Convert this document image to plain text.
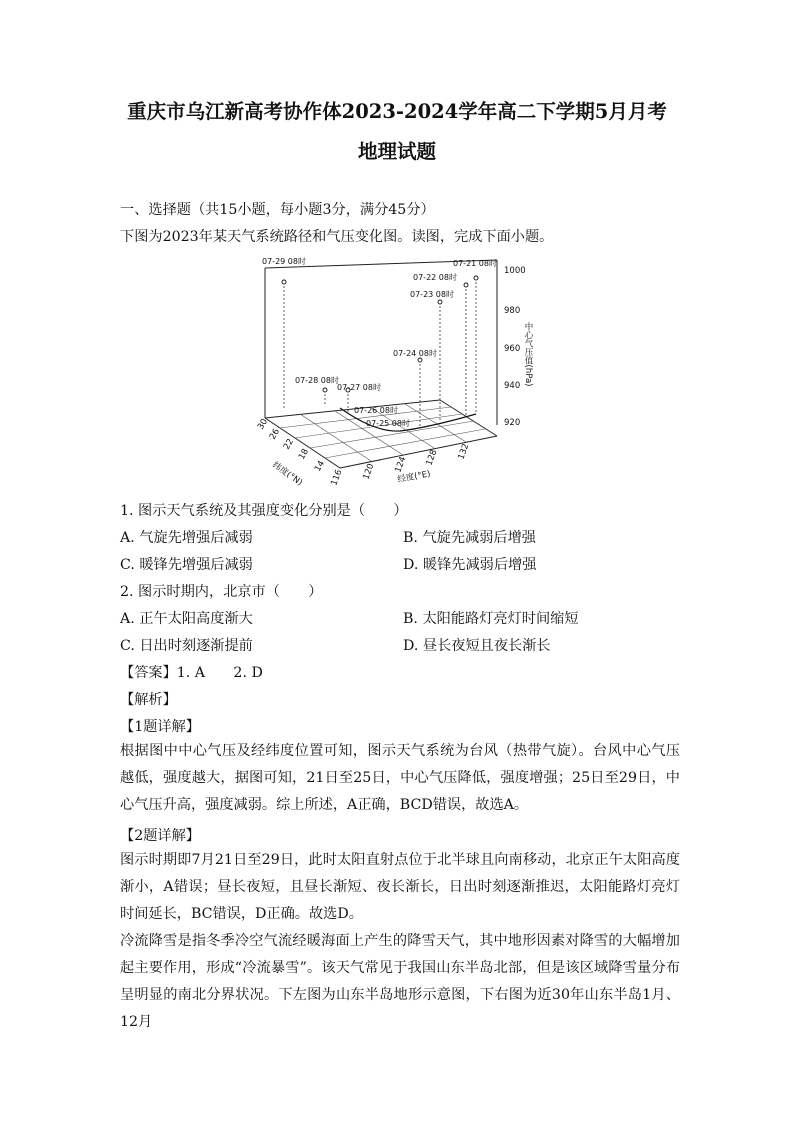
重庆市乌江新高考协作体2023-2024学年高二下学期5月月考
地理试题
一、选择题（共15小题，每小题3分，满分45分）
下图为2023年某天气系统路径和气压变化图。读图，完成下面小题。
07-21 08时
07-22 08时
07-23 08时
07-24 08时
07-25 08时
07-26 08时
07-27 08时
07-28 08时
07-29 08时
1000
980
960
940
920
中心气压值(hPa)
116 120 124 128 132
经度(°E)
14
18
22
26
30
纬度(°N)
1. 图示天气系统及其强度变化分别是（　　）
A. 气旋先增强后减弱	B. 气旋先减弱后增强
C. 暖锋先增强后减弱	D. 暖锋先减弱后增强
2. 图示时期内，北京市（　　）
A. 正午太阳高度渐大	B. 太阳能路灯亮灯时间缩短
C. 日出时刻逐渐提前	D. 昼长夜短且夜长渐长
【答案】1. A　　2. D
【解析】
【1题详解】
根据图中中心气压及经纬度位置可知，图示天气系统为台风（热带气旋）。台风中心气压越低，强度越大，据图可知，21日至25日，中心气压降低，强度增强；25日至29日，中心气压升高，强度减弱。综上所述，A正确，BCD错误，故选A。
【2题详解】
图示时期即7月21日至29日，此时太阳直射点位于北半球且向南移动，北京正午太阳高度渐小，A错误；昼长夜短，且昼长渐短、夜长渐长，日出时刻逐渐推迟，太阳能路灯亮灯时间延长，BC错误，D正确。故选D。
冷流降雪是指冬季冷空气流经暖海面上产生的降雪天气，其中地形因素对降雪的大幅增加起主要作用，形成“冷流暴雪”。该天气常见于我国山东半岛北部，但是该区域降雪量分布呈明显的南北分界状况。下左图为山东半岛地形示意图，下右图为近30年山东半岛1月、12月
